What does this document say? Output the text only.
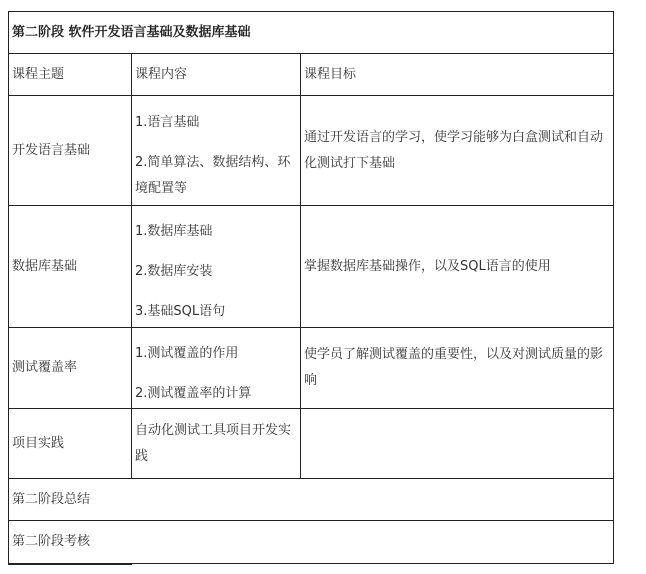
第二阶段 软件开发语言基础及数据库基础
课程主题	课程内容	课程目标
开发语言基础
1.语言基础
2.简单算法、数据结构、环境配置等
通过开发语言的学习，使学习能够为白盒测试和自动化测试打下基础
数据库基础
1.数据库基础
2.数据库安装
3.基础SQL语句
掌握数据库基础操作，以及SQL语言的使用
测试覆盖率
1.测试覆盖的作用
2.测试覆盖率的计算
使学员了解测试覆盖的重要性，以及对测试质量的影响
项目实践
自动化测试工具项目开发实践
第二阶段总结
第二阶段考核
